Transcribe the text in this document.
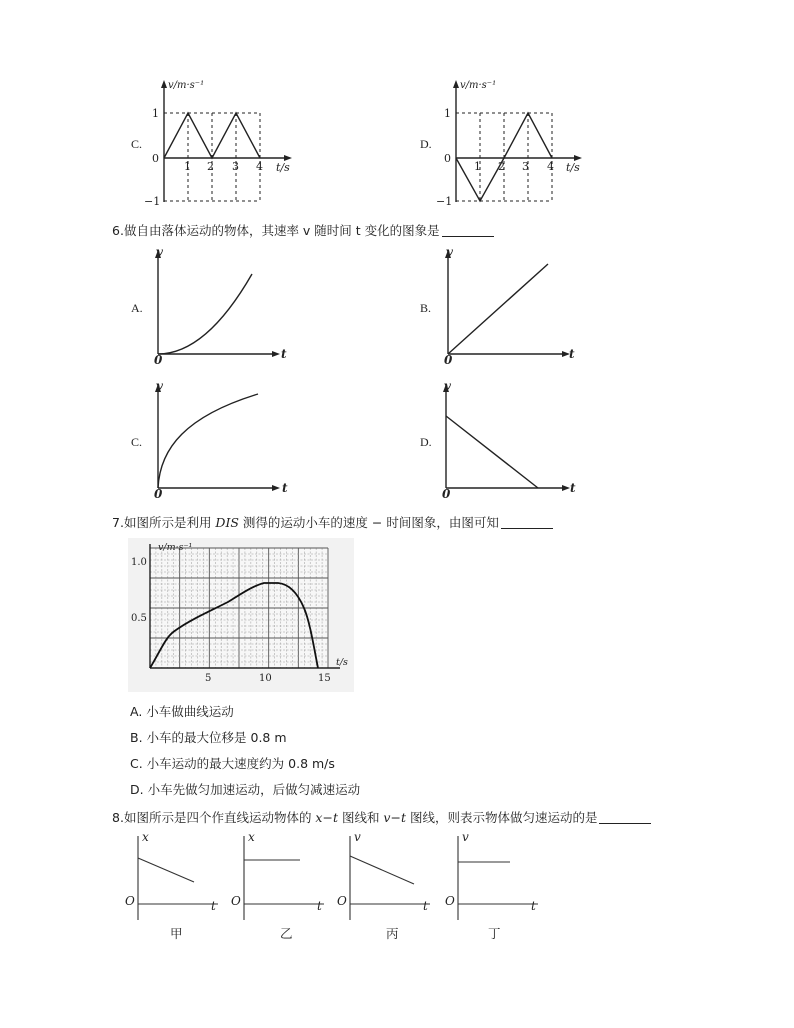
C.
v/m·s⁻¹
t/s
1
0
−1
1 2 3 4
D.
v/m·s⁻¹
t/s
1
0
−1
1 2 3 4
6.做自由落体运动的物体，其速率 v 随时间 t 变化的图象是
A.
v
t
0
B.
v
t
0
C.
v
t
0
D.
v
t
0
7.如图所示是利用 DIS 测得的运动小车的速度 − 时间图象，由图可知
v/m·s⁻¹
t/s
1.0
0.5
5	10	15
A. 小车做曲线运动
B. 小车的最大位移是 0.8 m
C. 小车运动的最大速度约为 0.8 m/s
D. 小车先做匀加速运动，后做匀减速运动
8.如图所示是四个作直线运动物体的 x−t 图线和 v−t 图线，则表示物体做匀速运动的是
x
t
O
甲
x
t
O
乙
v
t
O
丙
v
t
O
丁
